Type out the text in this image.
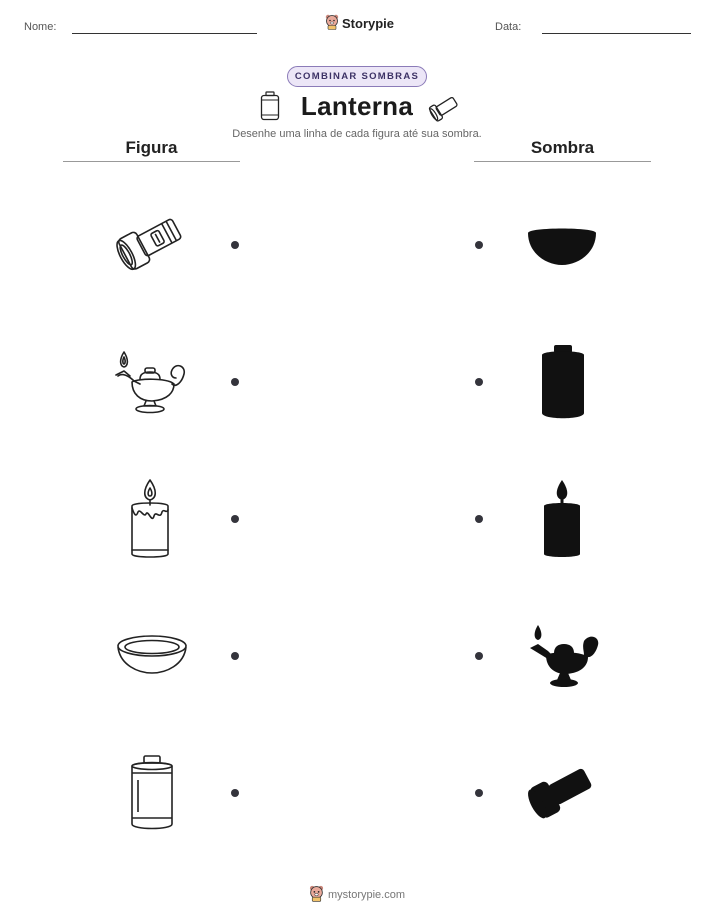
Nome:	Storypie	Data:
COMBINAR SOMBRAS
Lanterna
Desenhe uma linha de cada figura até sua sombra.
Figura	Sombra
mystorypie.com
